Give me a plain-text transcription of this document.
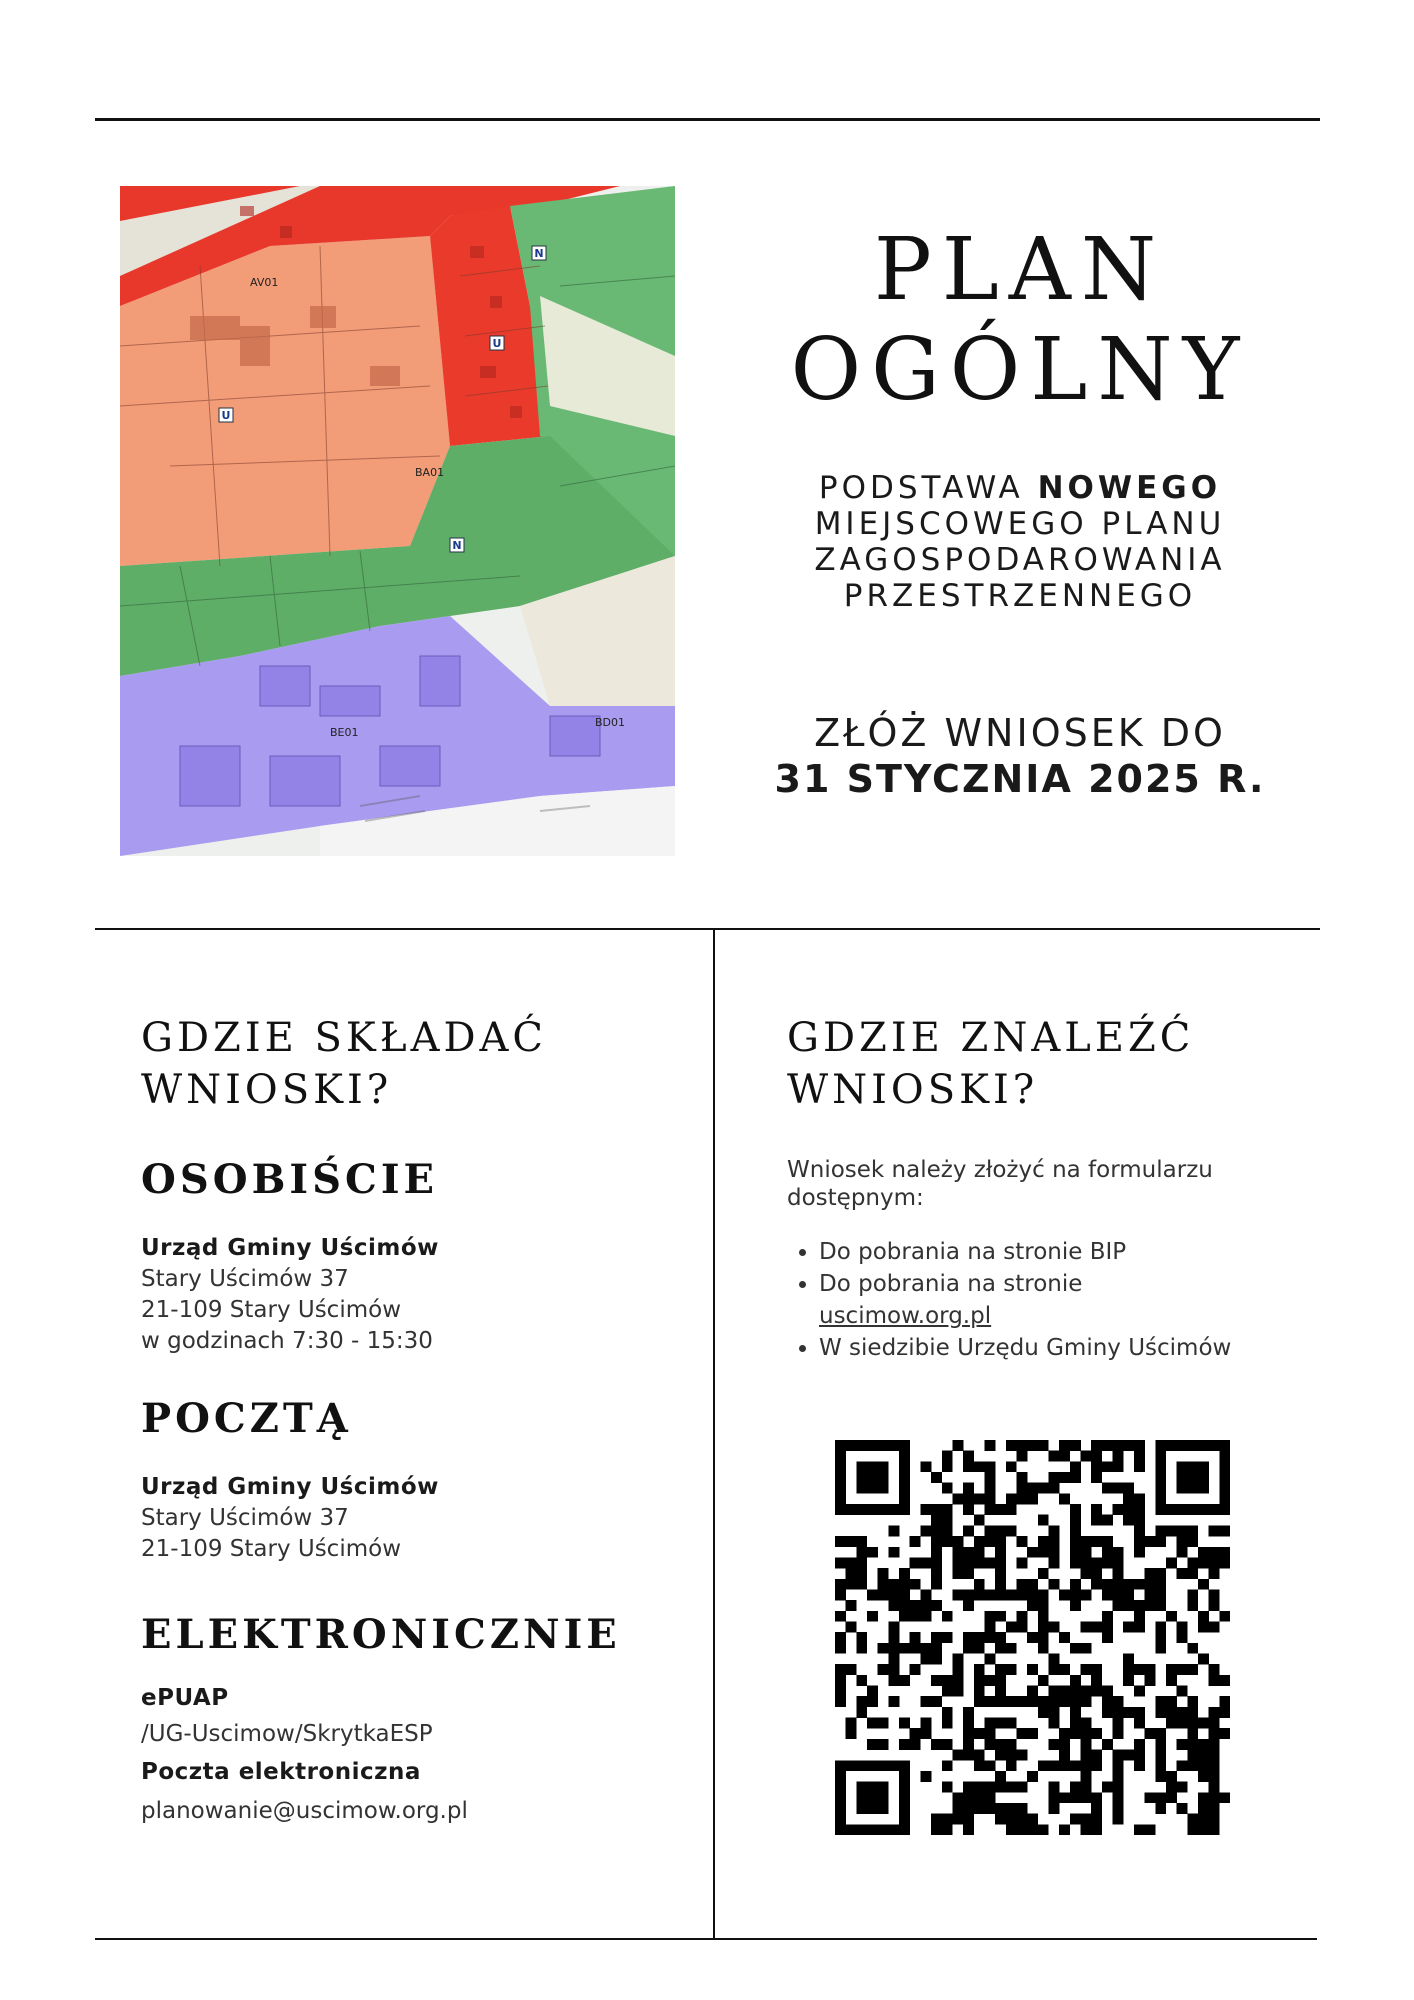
AV01
BA01
BE01
BD01
U
U
N
N
PLAN
OGÓLNY
PODSTAWA NOWEGO
MIEJSCOWEGO PLANU ZAGOSPODAROWANIA PRZESTRZENNEGO
ZŁÓŻ WNIOSEK DO
31 STYCZNIA 2025 R.
GDZIE SKŁADAĆ
WNIOSKI?
OSOBIŚCIE
Urząd Gminy Uścimów
Stary Uścimów 37
21-109 Stary Uścimów
w godzinach 7:30 - 15:30
POCZTĄ
Urząd Gminy Uścimów
Stary Uścimów 37
21-109 Stary Uścimów
ELEKTRONICZNIE
ePUAP
/UG-Uscimow/SkrytkaESP
Poczta elektroniczna
planowanie@uscimow.org.pl
GDZIE ZNALEŹĆ
WNIOSKI?
Wniosek należy złożyć na formularzu dostępnym:
• Do pobrania na stronie BIP
• Do pobrania na stronie
uscimow.org.pl
• W siedzibie Urzędu Gminy Uścimów
